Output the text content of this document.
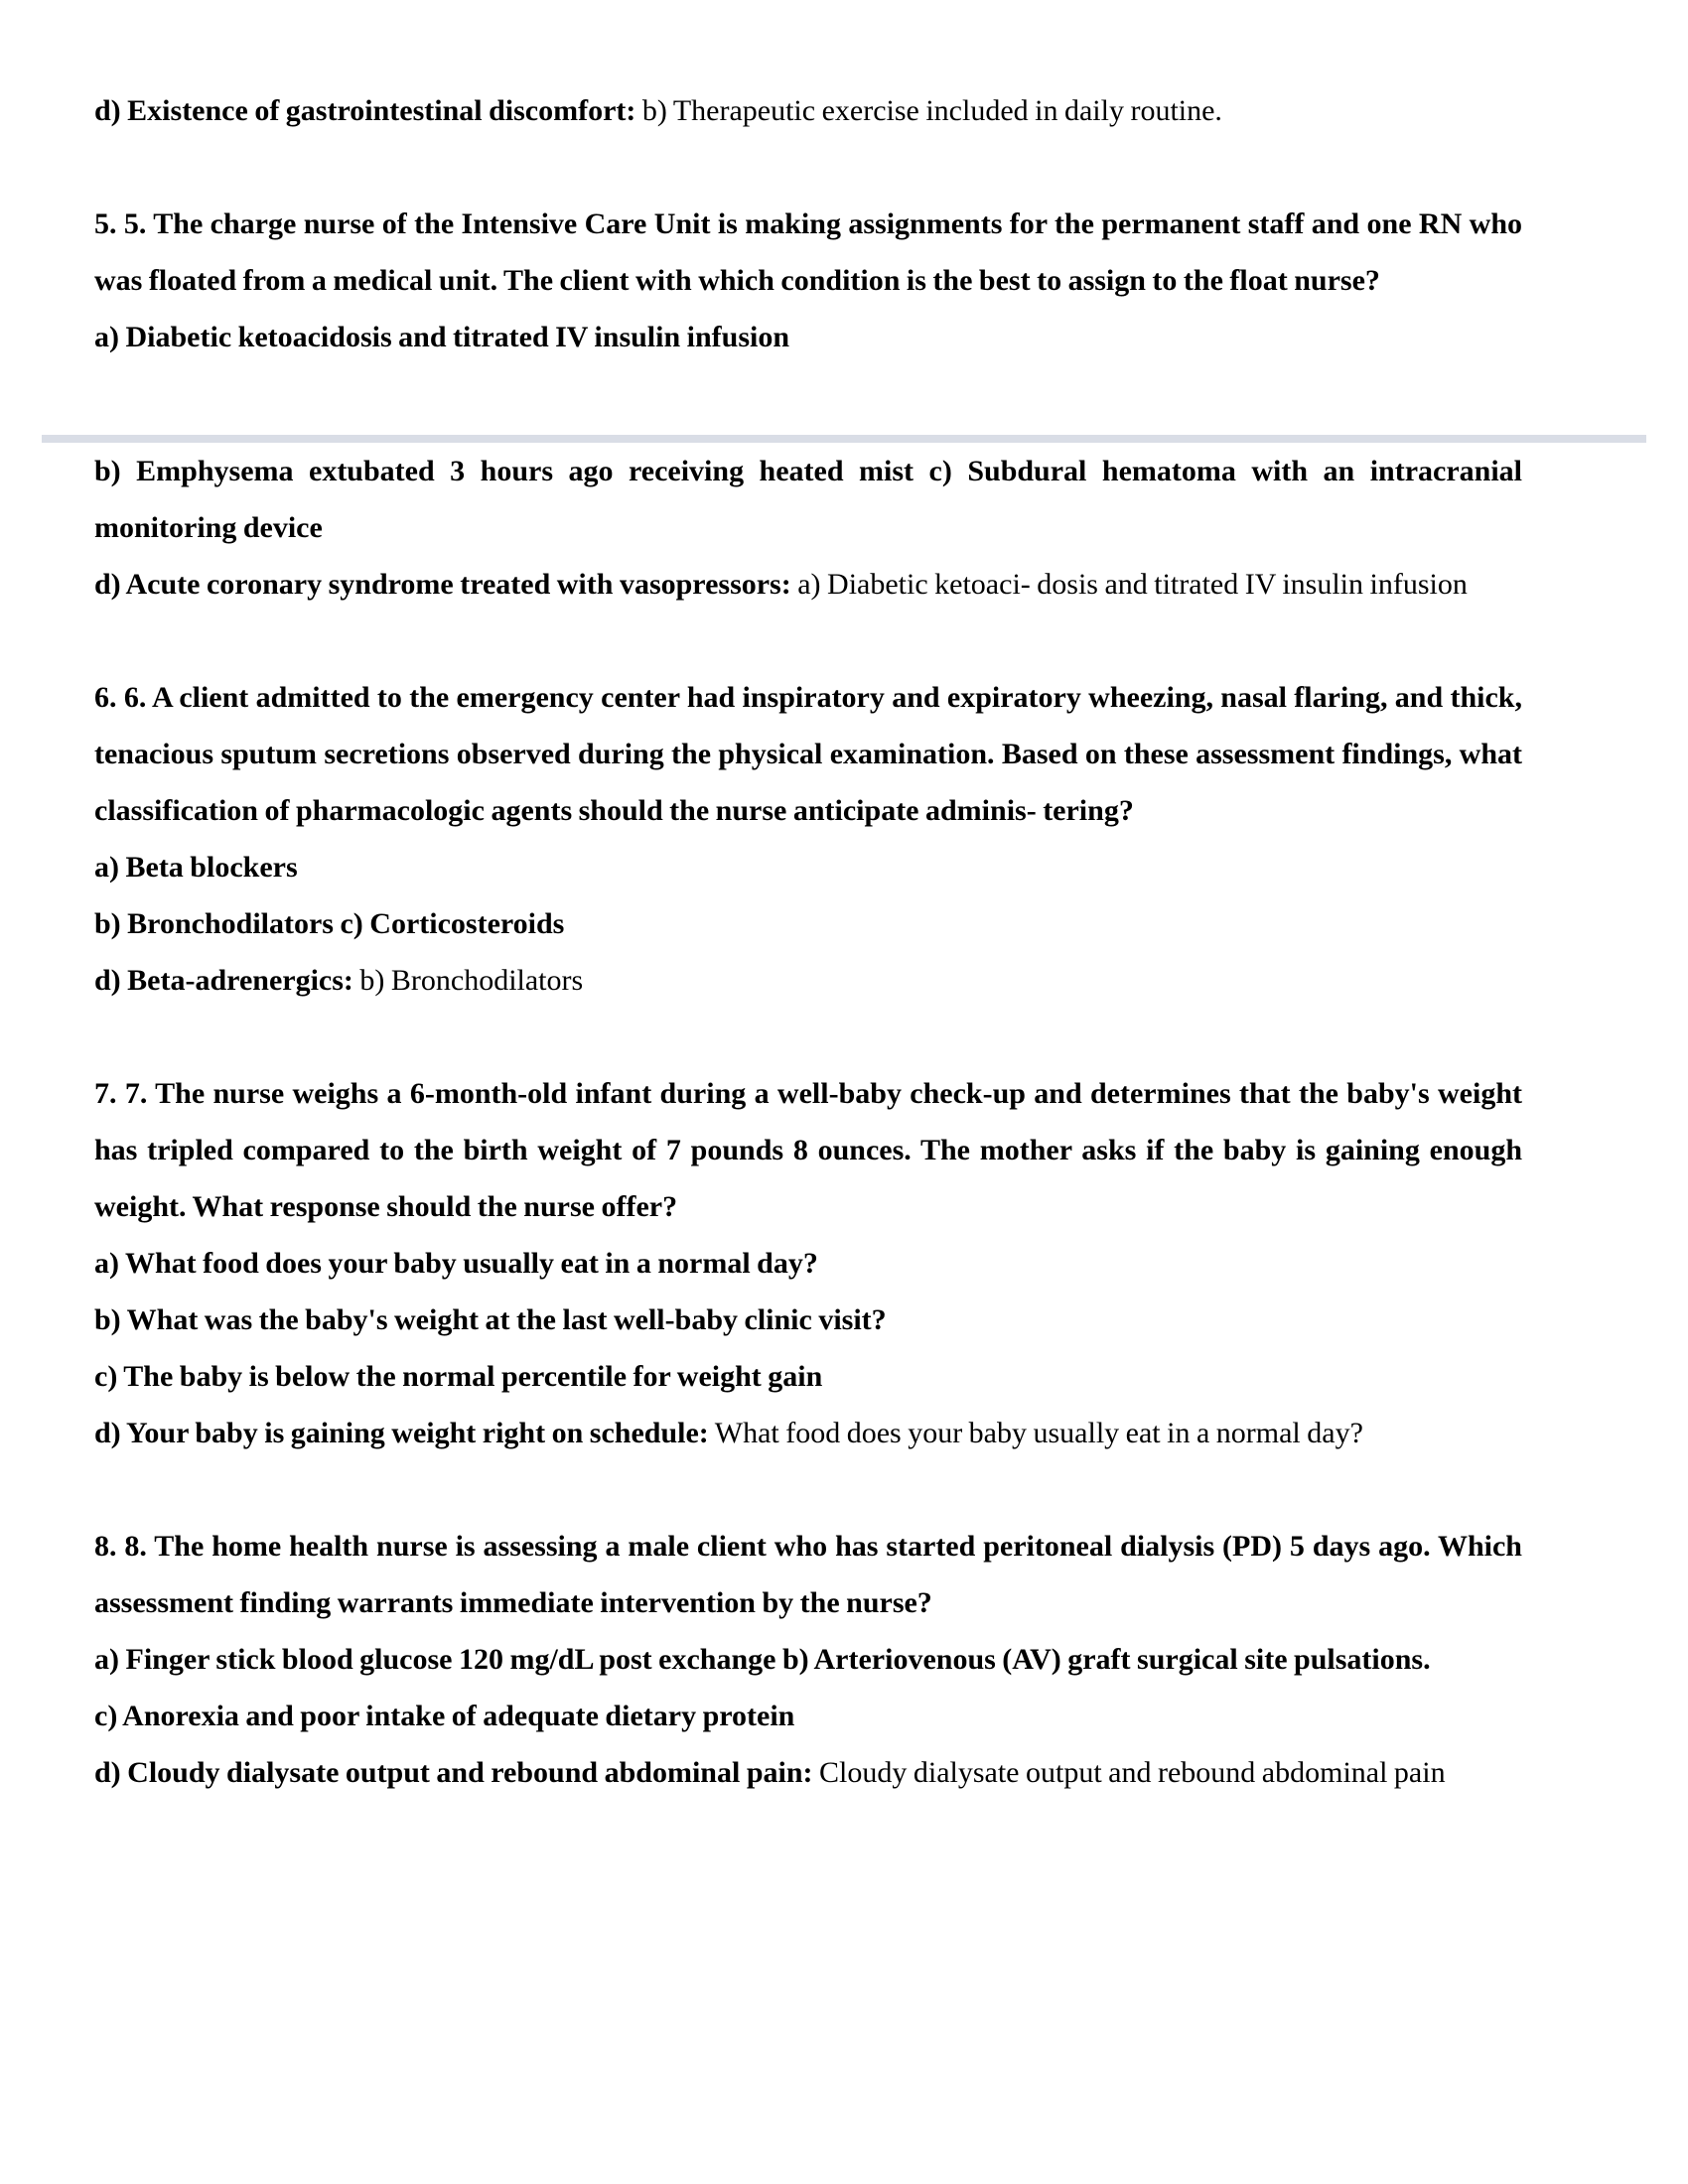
d) Existence of gastrointestinal discomfort: b) Therapeutic exercise included in daily routine.

5. 5. The charge nurse of the Intensive Care Unit is making assignments for the permanent staff and one RN who was floated from a medical unit. The client with which condition is the best to assign to the float nurse?

a) Diabetic ketoacidosis and titrated IV insulin infusion

b) Emphysema extubated 3 hours ago receiving heated mist c) Subdural hematoma with an intracranial monitoring device

d) Acute coronary syndrome treated with vasopressors: a) Diabetic ketoaci- dosis and titrated IV insulin infusion

6. 6. A client admitted to the emergency center had inspiratory and expiratory wheezing, nasal flaring, and thick, tenacious sputum secretions observed during the physical examination. Based on these assessment findings, what classification of pharmacologic agents should the nurse anticipate adminis- tering?

a) Beta blockers

b) Bronchodilators c) Corticosteroids

d) Beta-adrenergics: b) Bronchodilators

7. 7. The nurse weighs a 6-month-old infant during a well-baby check-up and determines that the baby's weight has tripled compared to the birth weight of 7 pounds 8 ounces. The mother asks if the baby is gaining enough weight. What response should the nurse offer?

a) What food does your baby usually eat in a normal day?

b) What was the baby's weight at the last well-baby clinic visit?

c) The baby is below the normal percentile for weight gain

d) Your baby is gaining weight right on schedule: What food does your baby usually eat in a normal day?

8. 8. The home health nurse is assessing a male client who has started peritoneal dialysis (PD) 5 days ago. Which assessment finding warrants immediate intervention by the nurse?

a) Finger stick blood glucose 120 mg/dL post exchange b) Arteriovenous (AV) graft surgical site pulsations.

c) Anorexia and poor intake of adequate dietary protein

d) Cloudy dialysate output and rebound abdominal pain: Cloudy dialysate output and rebound abdominal pain
